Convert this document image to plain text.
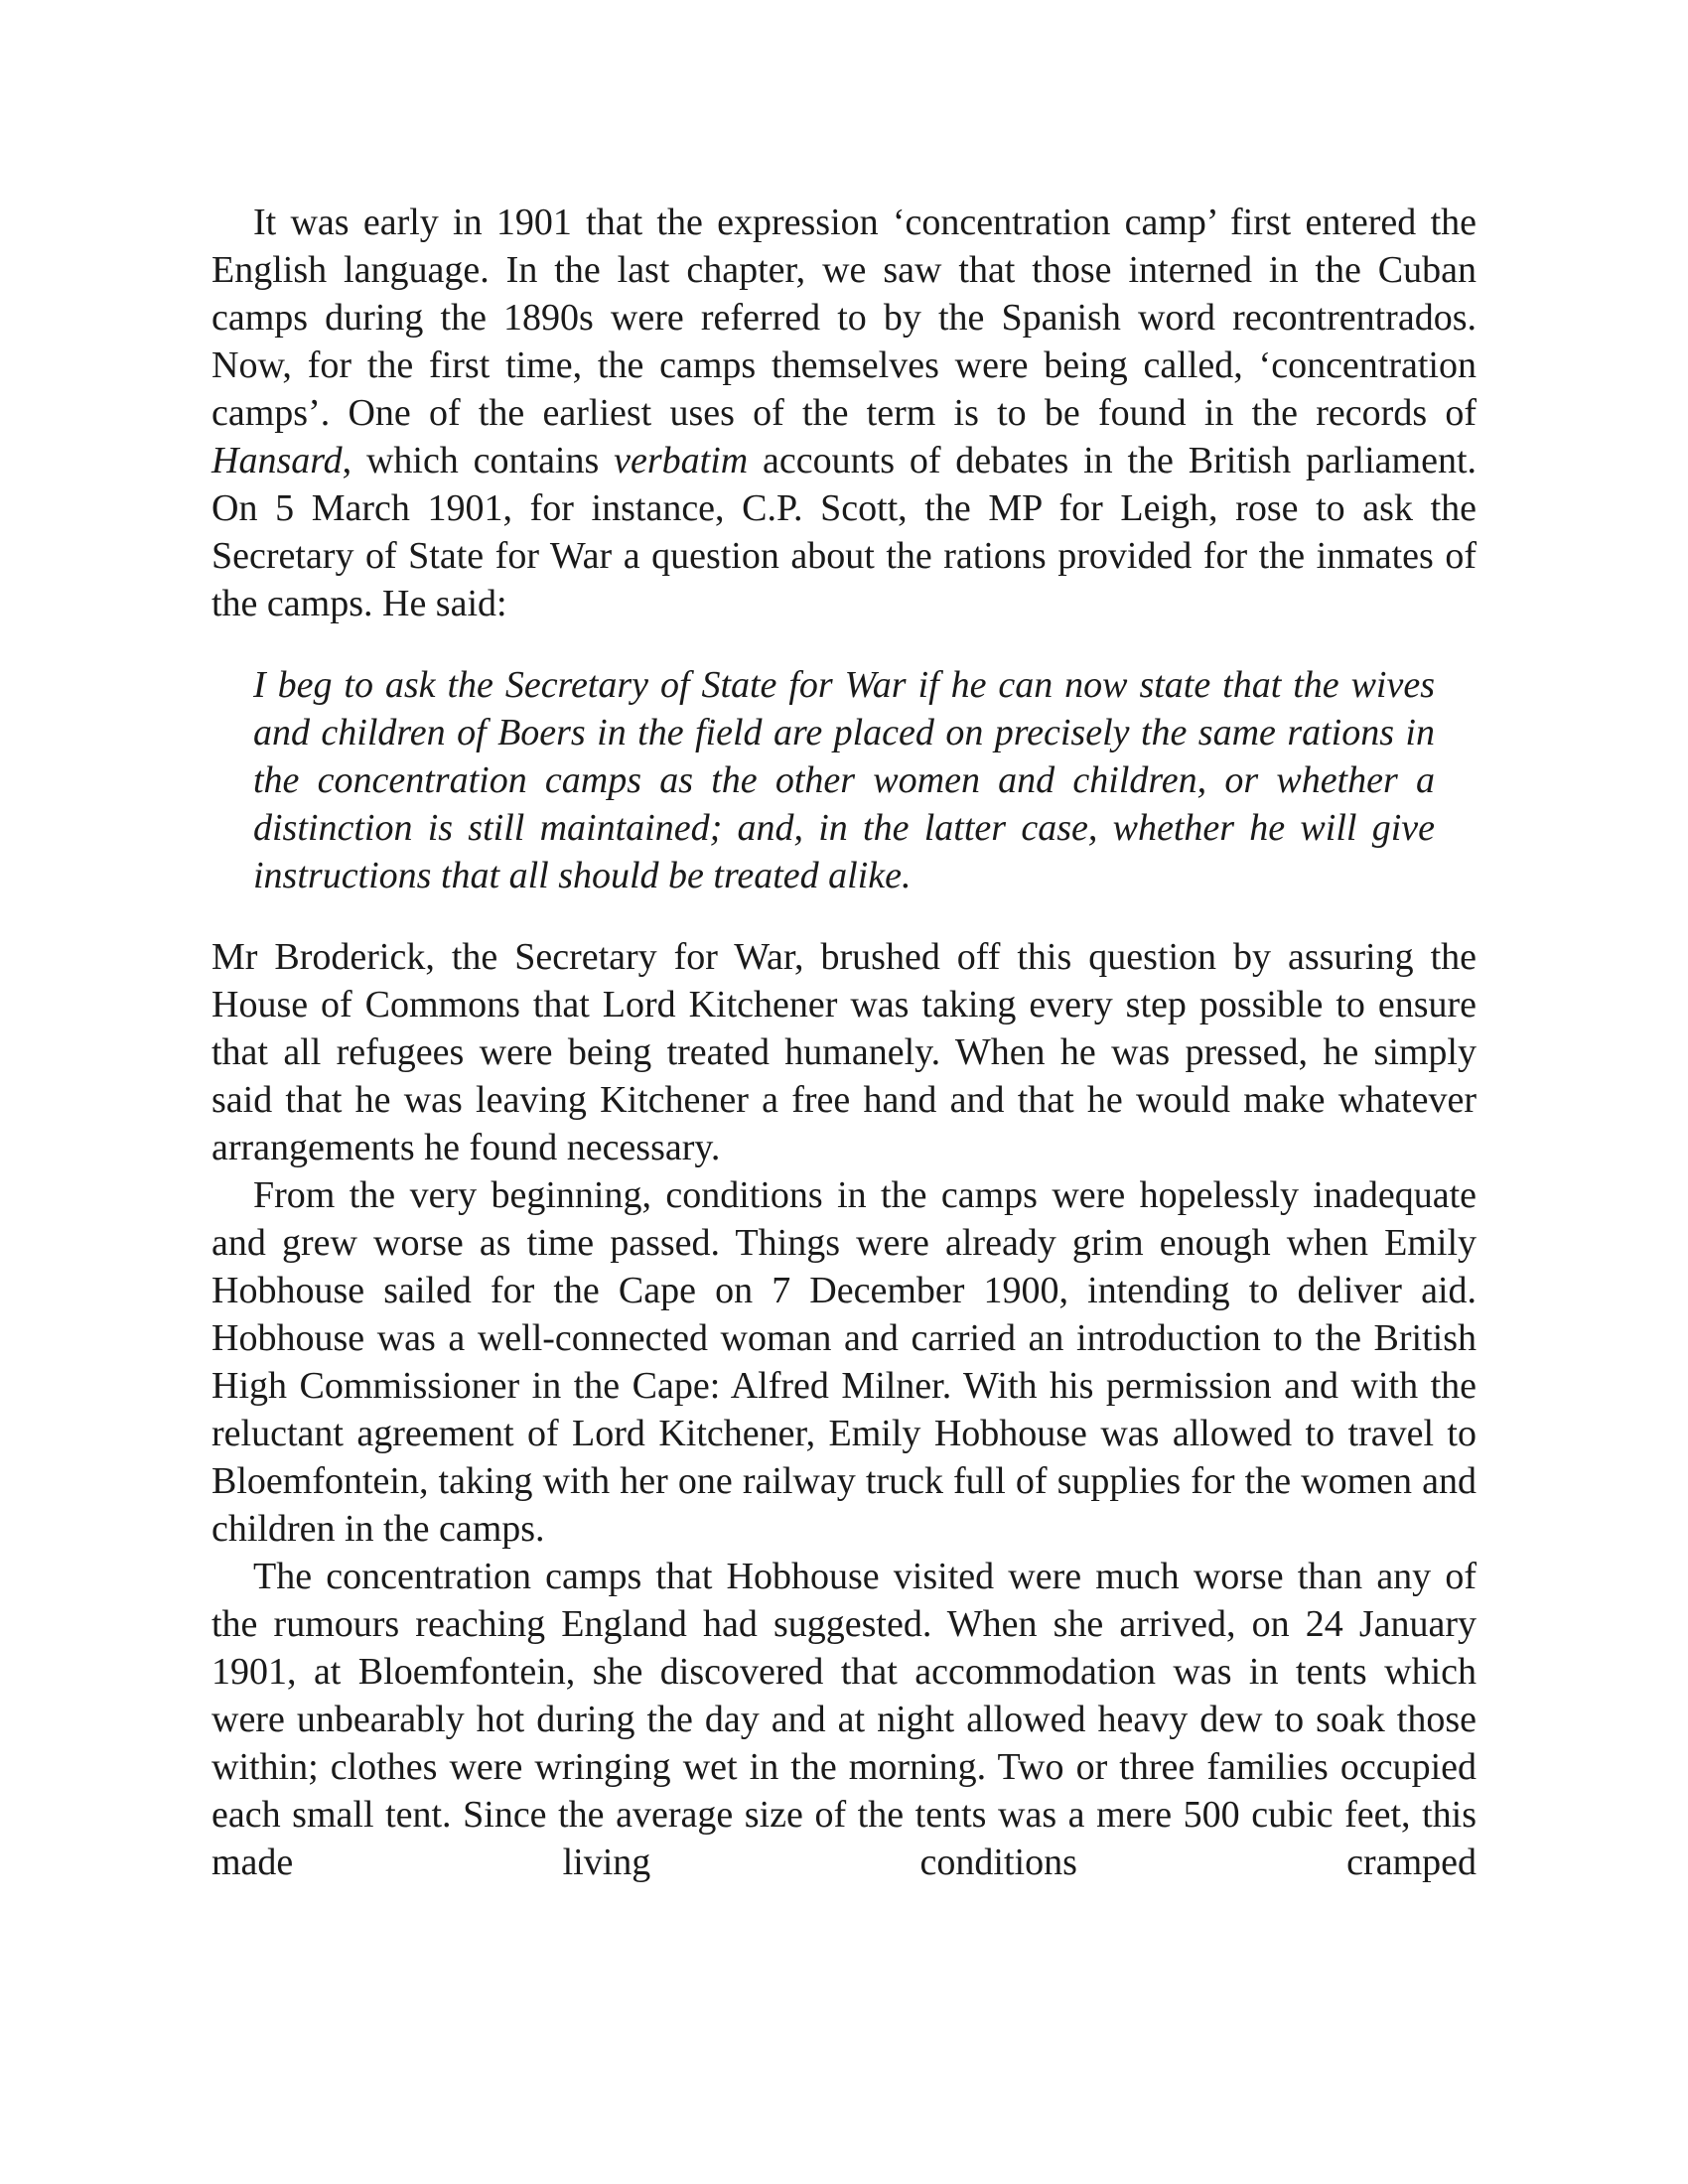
It was early in 1901 that the expression ‘concentration camp’ first entered the English language. In the last chapter, we saw that those interned in the Cuban camps during the 1890s were referred to by the Spanish word recontrentrados. Now, for the first time, the camps themselves were being called, ‘concentration camps’. One of the earliest uses of the term is to be found in the records of Hansard, which contains verbatim accounts of debates in the British parliament. On 5 March 1901, for instance, C.P. Scott, the MP for Leigh, rose to ask the Secretary of State for War a question about the rations provided for the inmates of the camps. He said:

I beg to ask the Secretary of State for War if he can now state that the wives and children of Boers in the field are placed on precisely the same rations in the concentration camps as the other women and children, or whether a distinction is still maintained; and, in the latter case, whether he will give instructions that all should be treated alike.

Mr Broderick, the Secretary for War, brushed off this question by assuring the House of Commons that Lord Kitchener was taking every step possible to ensure that all refugees were being treated humanely. When he was pressed, he simply said that he was leaving Kitchener a free hand and that he would make whatever arrangements he found necessary.

From the very beginning, conditions in the camps were hopelessly inadequate and grew worse as time passed. Things were already grim enough when Emily Hobhouse sailed for the Cape on 7 December 1900, intending to deliver aid. Hobhouse was a well-connected woman and carried an introduction to the British High Commissioner in the Cape: Alfred Milner. With his permission and with the reluctant agreement of Lord Kitchener, Emily Hobhouse was allowed to travel to Bloemfontein, taking with her one railway truck full of supplies for the women and children in the camps.

The concentration camps that Hobhouse visited were much worse than any of the rumours reaching England had suggested. When she arrived, on 24 January 1901, at Bloemfontein, she discovered that accommodation was in tents which were unbearably hot during the day and at night allowed heavy dew to soak those within; clothes were wringing wet in the morning. Two or three families occupied each small tent. Since the average size of the tents was a mere 500 cubic feet, this made living conditions cramped
